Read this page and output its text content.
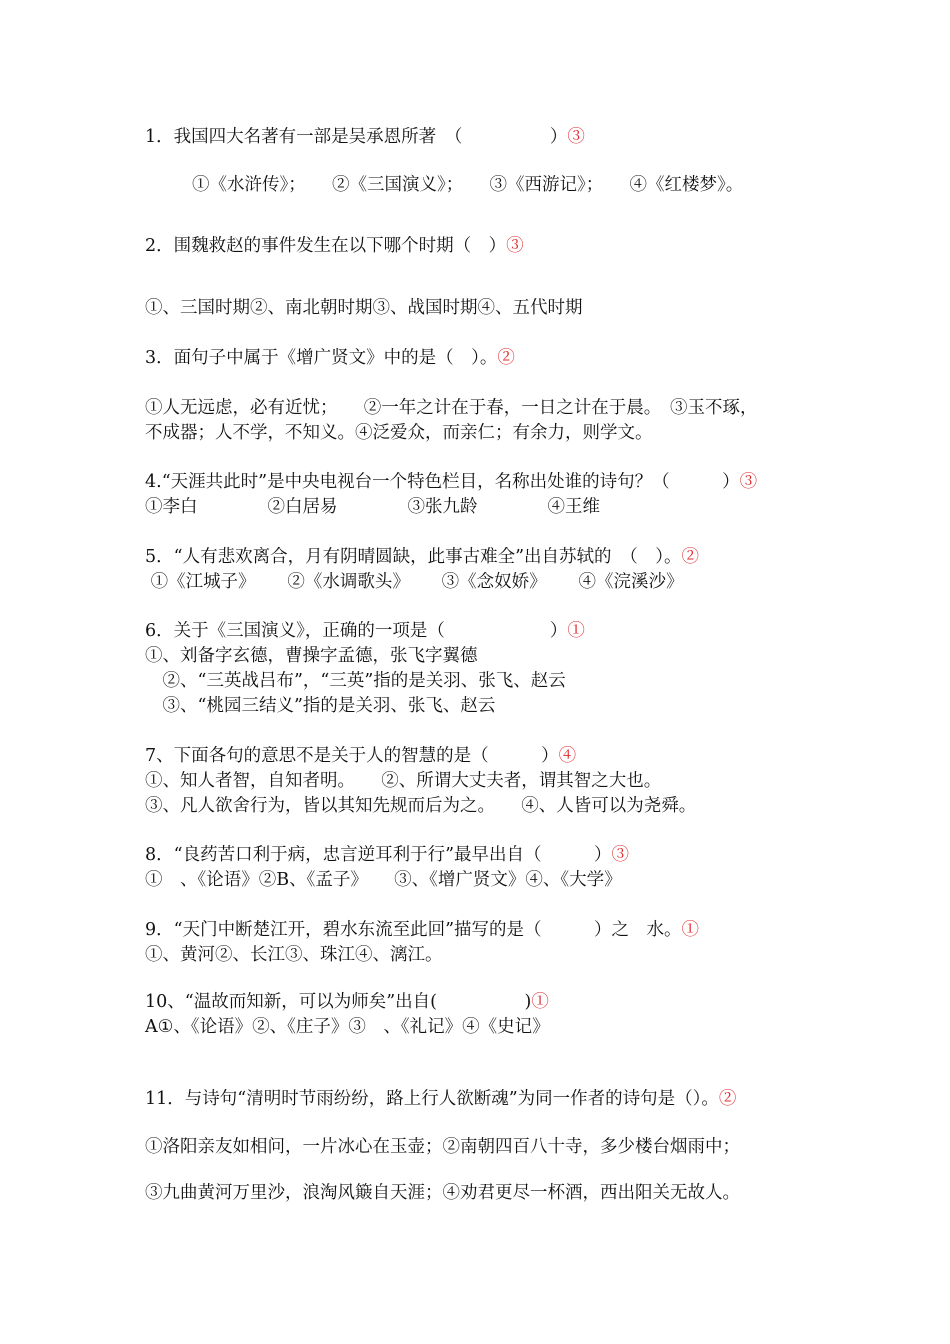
1．我国四大名著有一部是吴承恩所著　（　　　　　）③
①《水浒传》；　　②《三国演义》；　　③《西游记》；　　④《红楼梦》。
2．围魏救赵的事件发生在以下哪个时期（　）③
①、三国时期②、南北朝时期③、战国时期④、五代时期
3．面句子中属于《增广贤文》中的是（　）。②
①人无远虑，必有近忧；　　②一年之计在于春，一日之计在于晨。　③玉不琢，
不成器；人不学，不知义。④泛爱众，而亲仁；有余力，则学文。
4.“天涯共此时”是中央电视台一个特色栏目，名称出处谁的诗句？（　　　）③
①李白　　　　②白居易　　　　③张九龄　　　　④王维
5．“人有悲欢离合，月有阴晴圆缺，此事古难全”出自苏轼的　（　）。②
①《江城子》　　 ②《水调歌头》　　 ③《念奴娇》　　 ④《浣溪沙》
6．关于《三国演义》，正确的一项是（　　　　　　）①
①、刘备字玄德，曹操字孟德，张飞字翼德
　②、“三英战吕布”，“三英”指的是关羽、张飞、赵云
　③、“桃园三结义”指的是关羽、张飞、赵云
7、下面各句的意思不是关于人的智慧的是（　　　）④
①、知人者智，自知者明。　　②、所谓大丈夫者，谓其智之大也。
③、凡人欲舍行为，皆以其知先规而后为之。　　④、人皆可以为尧舜。
8．“良药苦口利于病，忠言逆耳利于行”最早出自（　　　）③
①　、《论语》②B、《孟子》　　③、《增广贤文》④、《大学》
9．“天门中断楚江开，碧水东流至此回”描写的是（　　　）之　水。①
①、黄河②、长江③、珠江④、漓江。
10、“温故而知新，可以为师矣”出自(　　　　　)①
A①、《论语》②、《庄子》③　、《礼记》④《史记》
11．与诗句“清明时节雨纷纷，路上行人欲断魂”为同一作者的诗句是（）。②
①洛阳亲友如相问，一片冰心在玉壶；②南朝四百八十寺，多少楼台烟雨中；
③九曲黄河万里沙，浪淘风簸自天涯；④劝君更尽一杯酒，西出阳关无故人。
